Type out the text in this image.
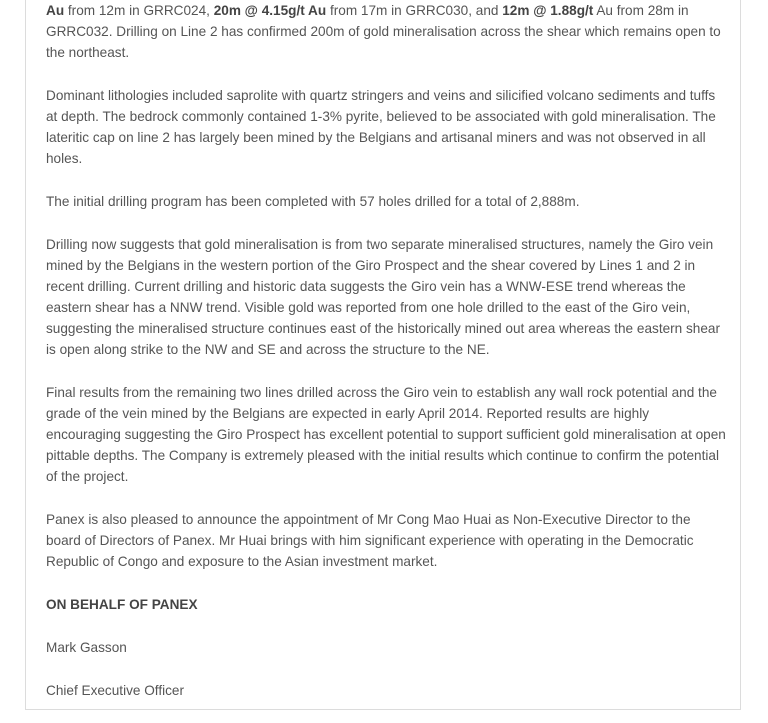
Au from 12m in GRRC024, 20m @ 4.15g/t Au from 17m in GRRC030, and 12m @ 1.88g/t Au from 28m in GRRC032. Drilling on Line 2 has confirmed 200m of gold mineralisation across the shear which remains open to the northeast.

Dominant lithologies included saprolite with quartz stringers and veins and silicified volcano sediments and tuffs at depth. The bedrock commonly contained 1-3% pyrite, believed to be associated with gold mineralisation. The lateritic cap on line 2 has largely been mined by the Belgians and artisanal miners and was not observed in all holes.

The initial drilling program has been completed with 57 holes drilled for a total of 2,888m.

Drilling now suggests that gold mineralisation is from two separate mineralised structures, namely the Giro vein mined by the Belgians in the western portion of the Giro Prospect and the shear covered by Lines 1 and 2 in recent drilling. Current drilling and historic data suggests the Giro vein has a WNW-ESE trend whereas the eastern shear has a NNW trend. Visible gold was reported from one hole drilled to the east of the Giro vein, suggesting the mineralised structure continues east of the historically mined out area whereas the eastern shear is open along strike to the NW and SE and across the structure to the NE.

Final results from the remaining two lines drilled across the Giro vein to establish any wall rock potential and the grade of the vein mined by the Belgians are expected in early April 2014. Reported results are highly encouraging suggesting the Giro Prospect has excellent potential to support sufficient gold mineralisation at open pittable depths. The Company is extremely pleased with the initial results which continue to confirm the potential of the project.

Panex is also pleased to announce the appointment of Mr Cong Mao Huai as Non-Executive Director to the board of Directors of Panex. Mr Huai brings with him significant experience with operating in the Democratic Republic of Congo and exposure to the Asian investment market.

ON BEHALF OF PANEX

Mark Gasson

Chief Executive Officer
